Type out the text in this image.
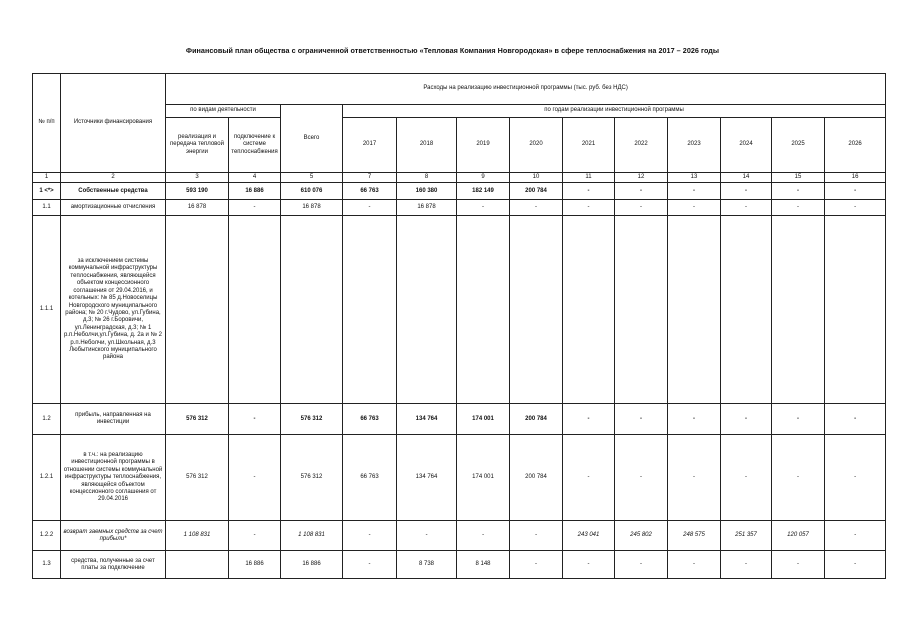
Финансовый план общества с ограниченной ответственностью «Тепловая Компания Новгородская» в сфере теплоснабжения на 2017 – 2026 годы
№ п/п	Источники финансирования	Расходы на реализацию инвестиционной программы (тыс. руб. без НДС)												
		по видам деятельности		Всего	по годам реализации инвестиционной программы									
		реализация и передача тепловой энергии	подключение к системе теплоснабжения		2017	2018	2019	2020	2021	2022	2023	2024	2025	2026
1	2	3	4	5	7	8	9	10	11	12	13	14	15	16
1 <*>	Собственные средства	593 190	16 886	610 076	66 763	160 380	182 149	200 784	-	-	-	-	-	-
1.1	амортизационные отчисления	16 878	-	16 878	-	16 878	-	-	-	-	-	-	-	-
1.1.1	за исключением системы коммунальной инфраструктуры теплоснабжения, являющейся объектом концессионного соглашения от 29.04.2016, и котельных: № 85 д.Новоселицы Новгородского муниципального района; № 20 г.Чудово, ул.Губина, д.3; № 26 г.Боровичи, ул.Ленинградская, д.3; № 1 р.п.Неболчи,ул.Губина, д. 2а и № 2 р.п.Неболчи, ул.Школьная, д.3 Любытинского муниципального района													
1.2	прибыль, направленная на инвестиции	576 312	-	576 312	66 763	134 764	174 001	200 784	-	-	-	-	-	-
1.2.1	в т.ч.: на реализацию инвестиционной программы в отношении системы коммунальной инфраструктуры теплоснабжения, являющейся объектом концессионного соглашения от 29.04.2016	576 312	-	576 312	66 763	134 764	174 001	200 784	-	-	-	-	-	-
1.2.2	возврат заемных средств за счет прибыли*	1 108 831	-	1 108 831	-	-	-	-	243 041	245 802	248 575	251 357	120 057	-
1.3	средства, полученные за счет платы за подключение		16 886	16 886	-	8 738	8 148	-	-	-	-	-	-	-
